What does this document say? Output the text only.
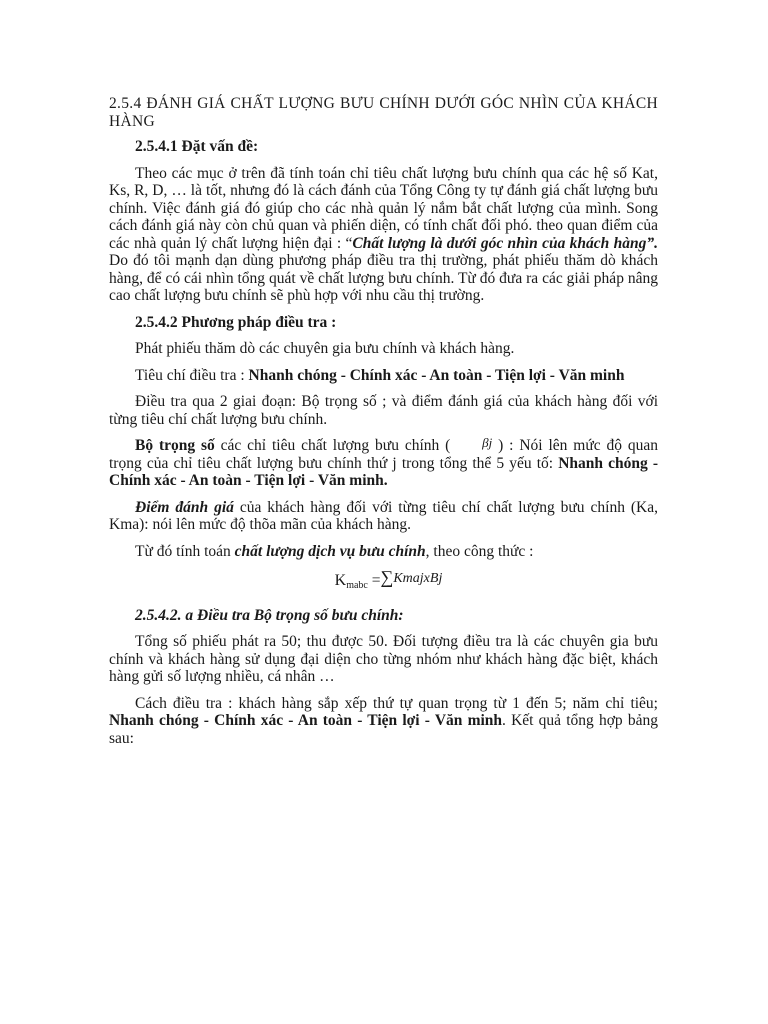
2.5.4 ĐÁNH GIÁ CHẤT LƯỢNG BƯU CHÍNH DƯỚI GÓC NHÌN CỦA KHÁCH HÀNG

2.5.4.1 Đặt vấn đề:

Theo các mục ở trên đã tính toán chỉ tiêu chất lượng bưu chính qua các hệ số Kat, Ks, R, D, … là tốt, nhưng đó là cách đánh của Tổng Công ty tự đánh giá chất lượng bưu chính. Việc đánh giá đó giúp cho các nhà quản lý nắm bắt chất lượng của mình. Song cách đánh giá này còn chủ quan và phiến diện, có tính chất đối phó. theo quan điểm của các nhà quản lý chất lượng hiện đại : “Chất lượng là dưới góc nhìn của khách hàng”. Do đó tôi mạnh dạn dùng phương pháp điều tra thị trường, phát phiếu thăm dò khách hàng, để có cái nhìn tổng quát về chất lượng bưu chính. Từ đó đưa ra các giải pháp nâng cao chất lượng bưu chính sẽ phù hợp với nhu cầu thị trường.

2.5.4.2 Phương pháp điều tra :

Phát phiếu thăm dò các chuyên gia bưu chính và khách hàng.

Tiêu chí điều tra : Nhanh chóng - Chính xác - An toàn - Tiện lợi - Văn minh

Điều tra qua 2 giai đoạn: Bộ trọng số ; và điểm đánh giá của khách hàng đối với từng tiêu chí chất lượng bưu chính.

Bộ trọng số các chỉ tiêu chất lượng bưu chính ( βj ) : Nói lên mức độ quan trọng của chỉ tiêu chất lượng bưu chính thứ j trong tổng thể 5 yếu tố: Nhanh chóng - Chính xác - An toàn - Tiện lợi - Văn minh.

Điểm đánh giá của khách hàng đối với từng tiêu chí chất lượng bưu chính (Ka, Kma): nói lên mức độ thõa mãn của khách hàng.

Từ đó tính toán chất lượng dịch vụ bưu chính, theo công thức :

$K_{mabc}$ =∑KmajxBj

2.5.4.2. a Điều tra Bộ trọng số bưu chính:

Tổng số phiếu phát ra 50; thu được 50. Đối tượng điều tra là các chuyên gia bưu chính và khách hàng sử dụng đại diện cho từng nhóm như khách hàng đặc biệt, khách hàng gửi số lượng nhiều, cá nhân …

Cách điều tra : khách hàng sắp xếp thứ tự quan trọng từ 1 đến 5; năm chỉ tiêu; Nhanh chóng - Chính xác - An toàn - Tiện lợi - Văn minh. Kết quả tổng hợp bảng sau:
